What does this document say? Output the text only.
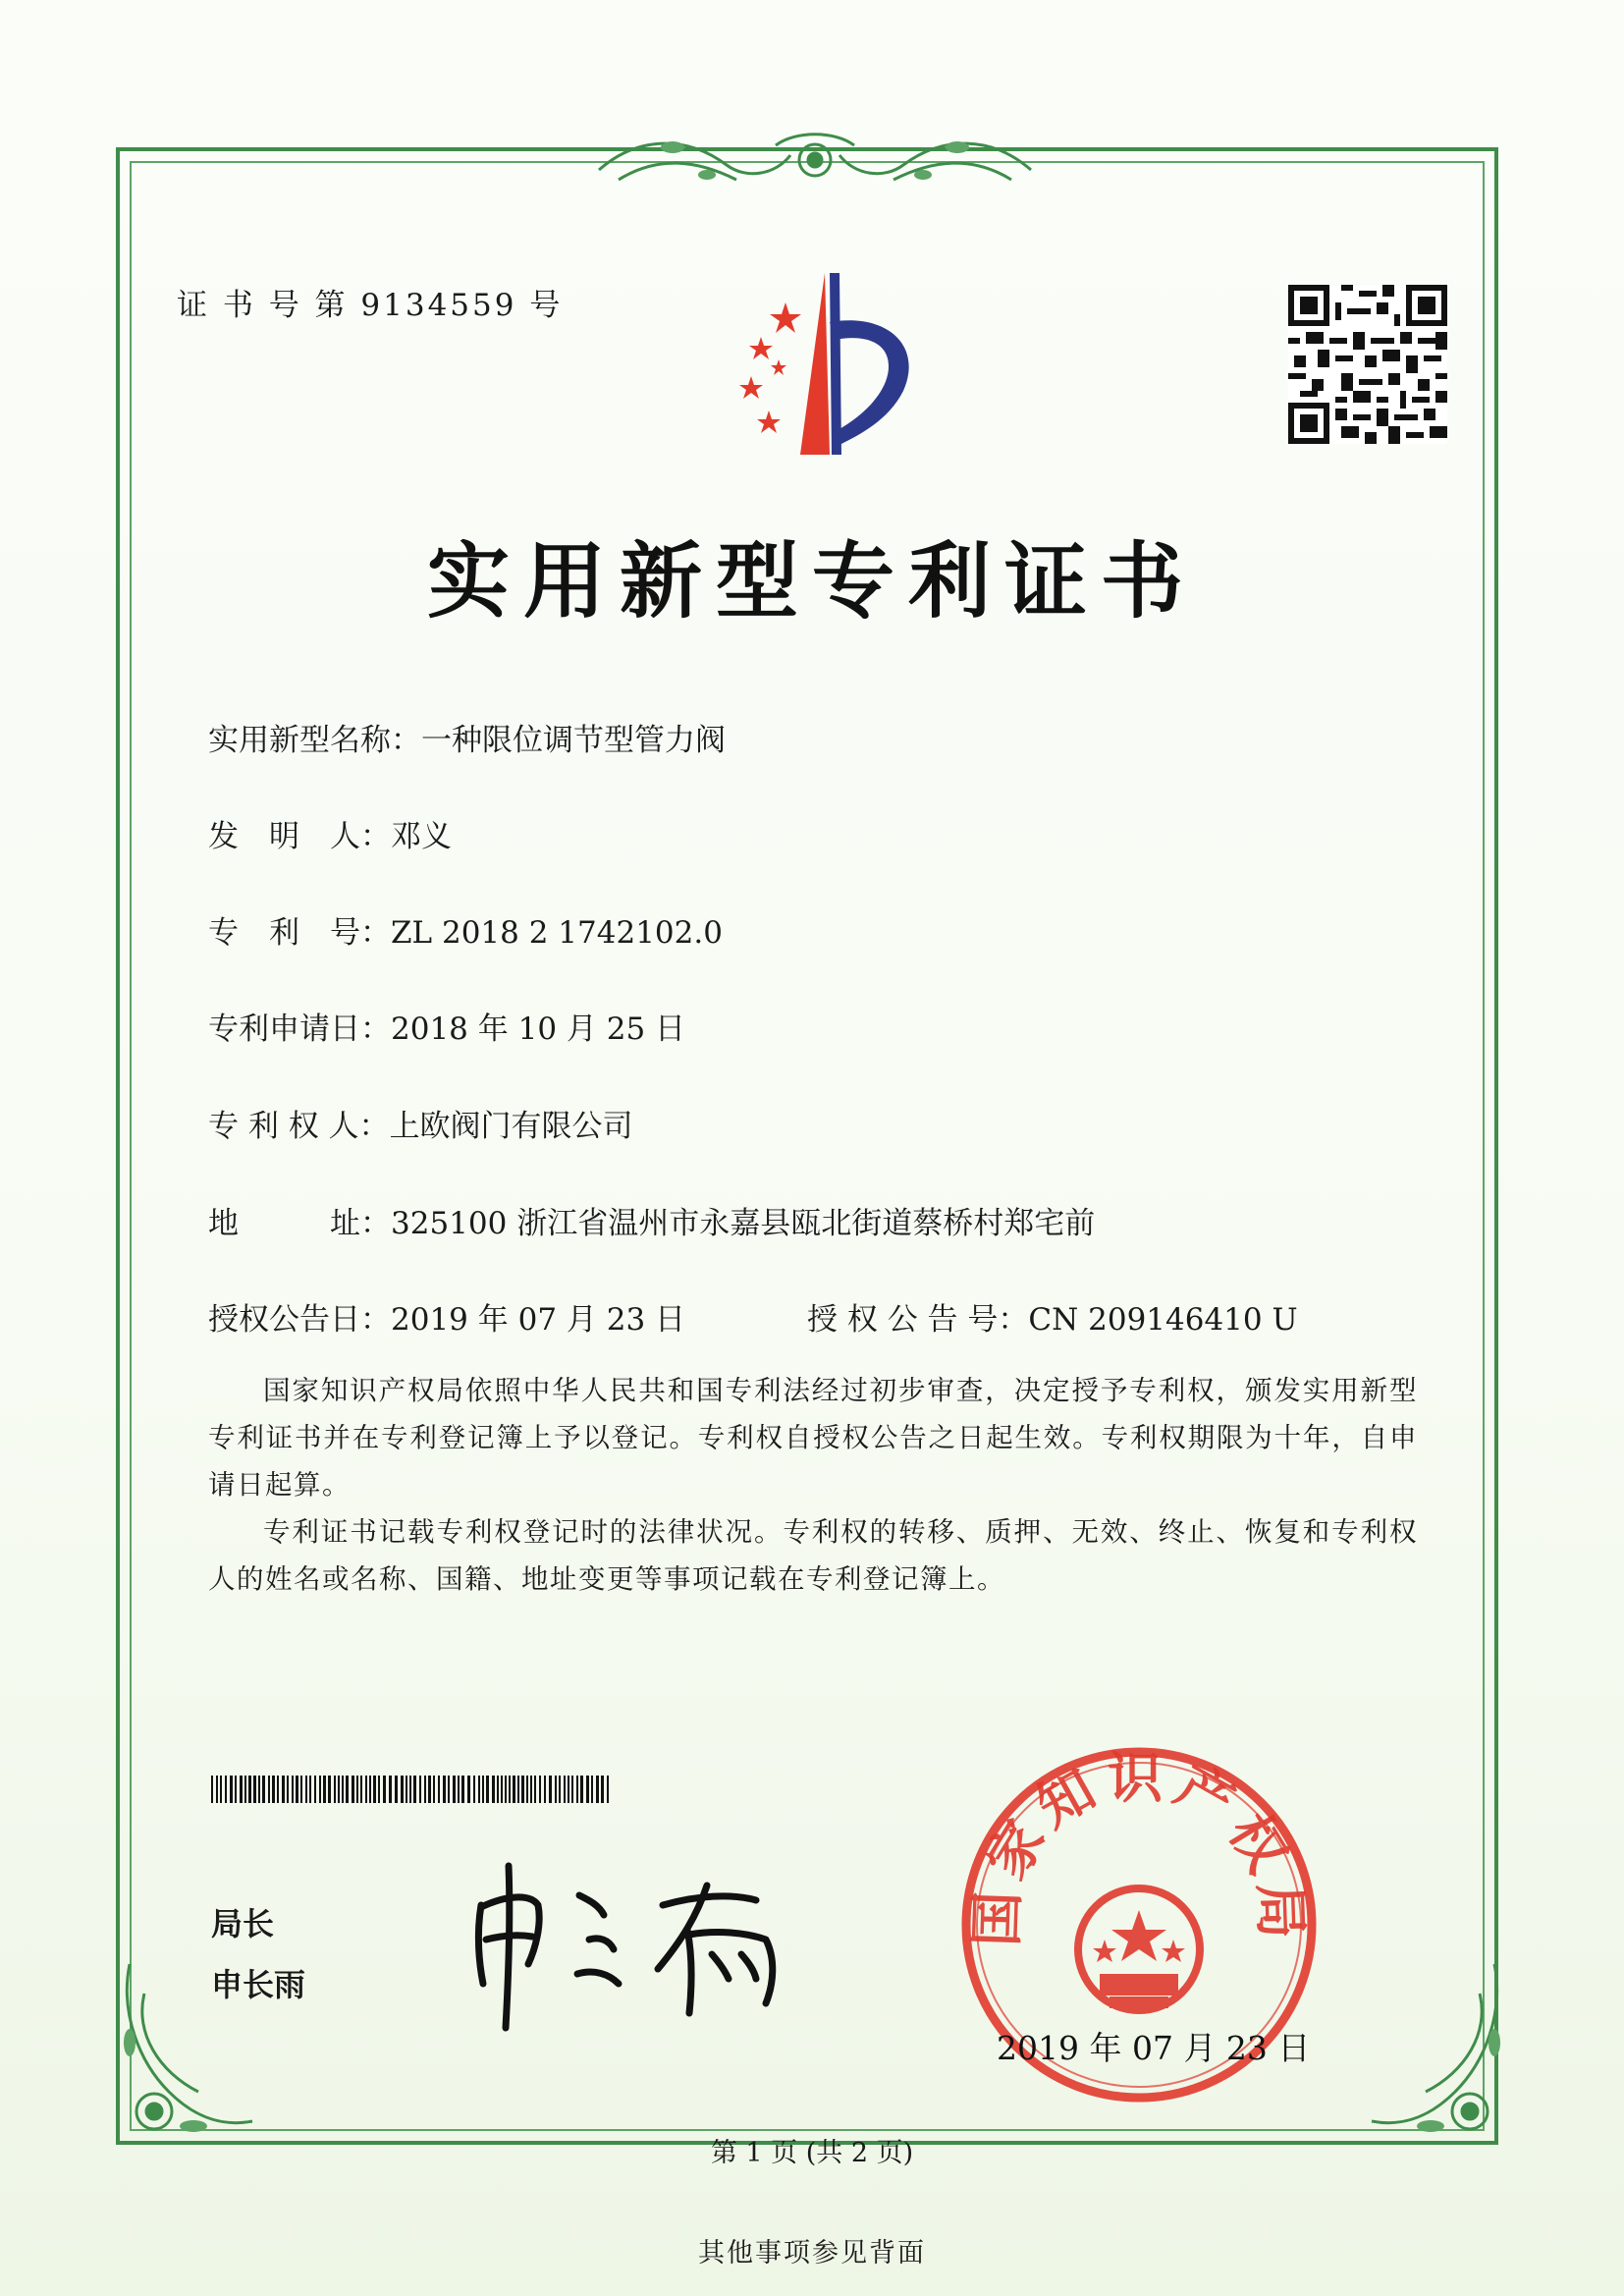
证 书 号 第 9134559 号
实用新型专利证书
实用新型名称：一种限位调节型管力阀
发　明　人：邓义
专　利　号：ZL 2018 2 1742102.0
专利申请日：2018 年 10 月 25 日
专 利 权 人：上欧阀门有限公司
地　　　址：325100 浙江省温州市永嘉县瓯北街道蔡桥村郑宅前
授权公告日：2019 年 07 月 23 日	授 权 公 告 号：CN 209146410 U
国家知识产权局依照中华人民共和国专利法经过初步审查，决定授予专利权，颁发实用新型专利证书并在专利登记簿上予以登记。专利权自授权公告之日起生效。专利权期限为十年，自申请日起算。
专利证书记载专利权登记时的法律状况。专利权的转移、质押、无效、终止、恢复和专利权人的姓名或名称、国籍、地址变更等事项记载在专利登记簿上。
局长
申长雨
国家知识产权局
2019 年 07 月 23 日
第 1 页 (共 2 页)
其他事项参见背面
